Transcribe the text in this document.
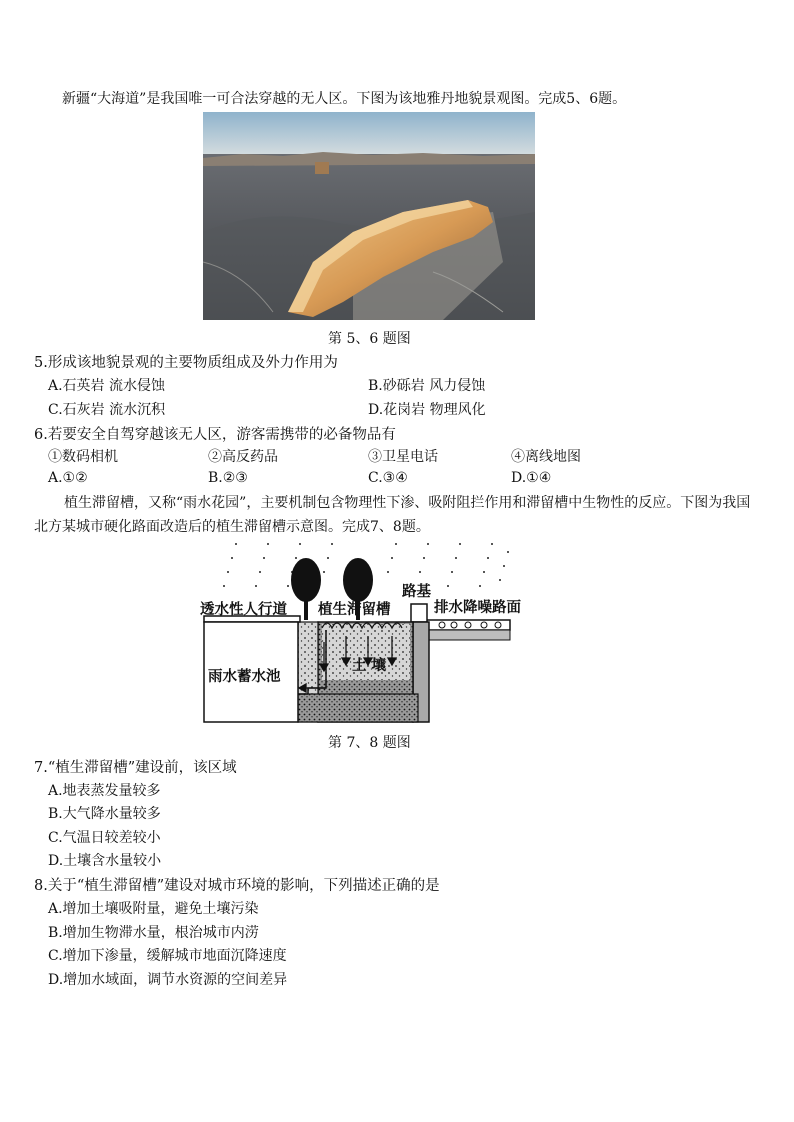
新疆“大海道”是我国唯一可合法穿越的无人区。下图为该地雅丹地貌景观图。完成5、6题。
第 5、6 题图
5.形成该地貌景观的主要物质组成及外力作用为
A.石英岩 流水侵蚀	B.砂砾岩 风力侵蚀
C.石灰岩 流水沉积	D.花岗岩 物理风化
6.若要安全自驾穿越该无人区，游客需携带的必备物品有
①数码相机	②高反药品	③卫星电话	④离线地图
A.①②	B.②③	C.③④	D.①④
植生滞留槽，又称“雨水花园”，主要机制包含物理性下渗、吸附阻拦作用和滞留槽中生物性的反应。下图为我国北方某城市硬化路面改造后的植生滞留槽示意图。完成7、8题。
透水性人行道 植生滞留槽
路基
排水降噪路面
土 壤
雨水蓄水池
第 7、8 题图
7.“植生滞留槽”建设前，该区域
A.地表蒸发量较多
B.大气降水量较多
C.气温日较差较小
D.土壤含水量较小
8.关于“植生滞留槽”建设对城市环境的影响，下列描述正确的是
A.增加土壤吸附量，避免土壤污染
B.增加生物滞水量，根治城市内涝
C.增加下渗量，缓解城市地面沉降速度
D.增加水域面，调节水资源的空间差异
